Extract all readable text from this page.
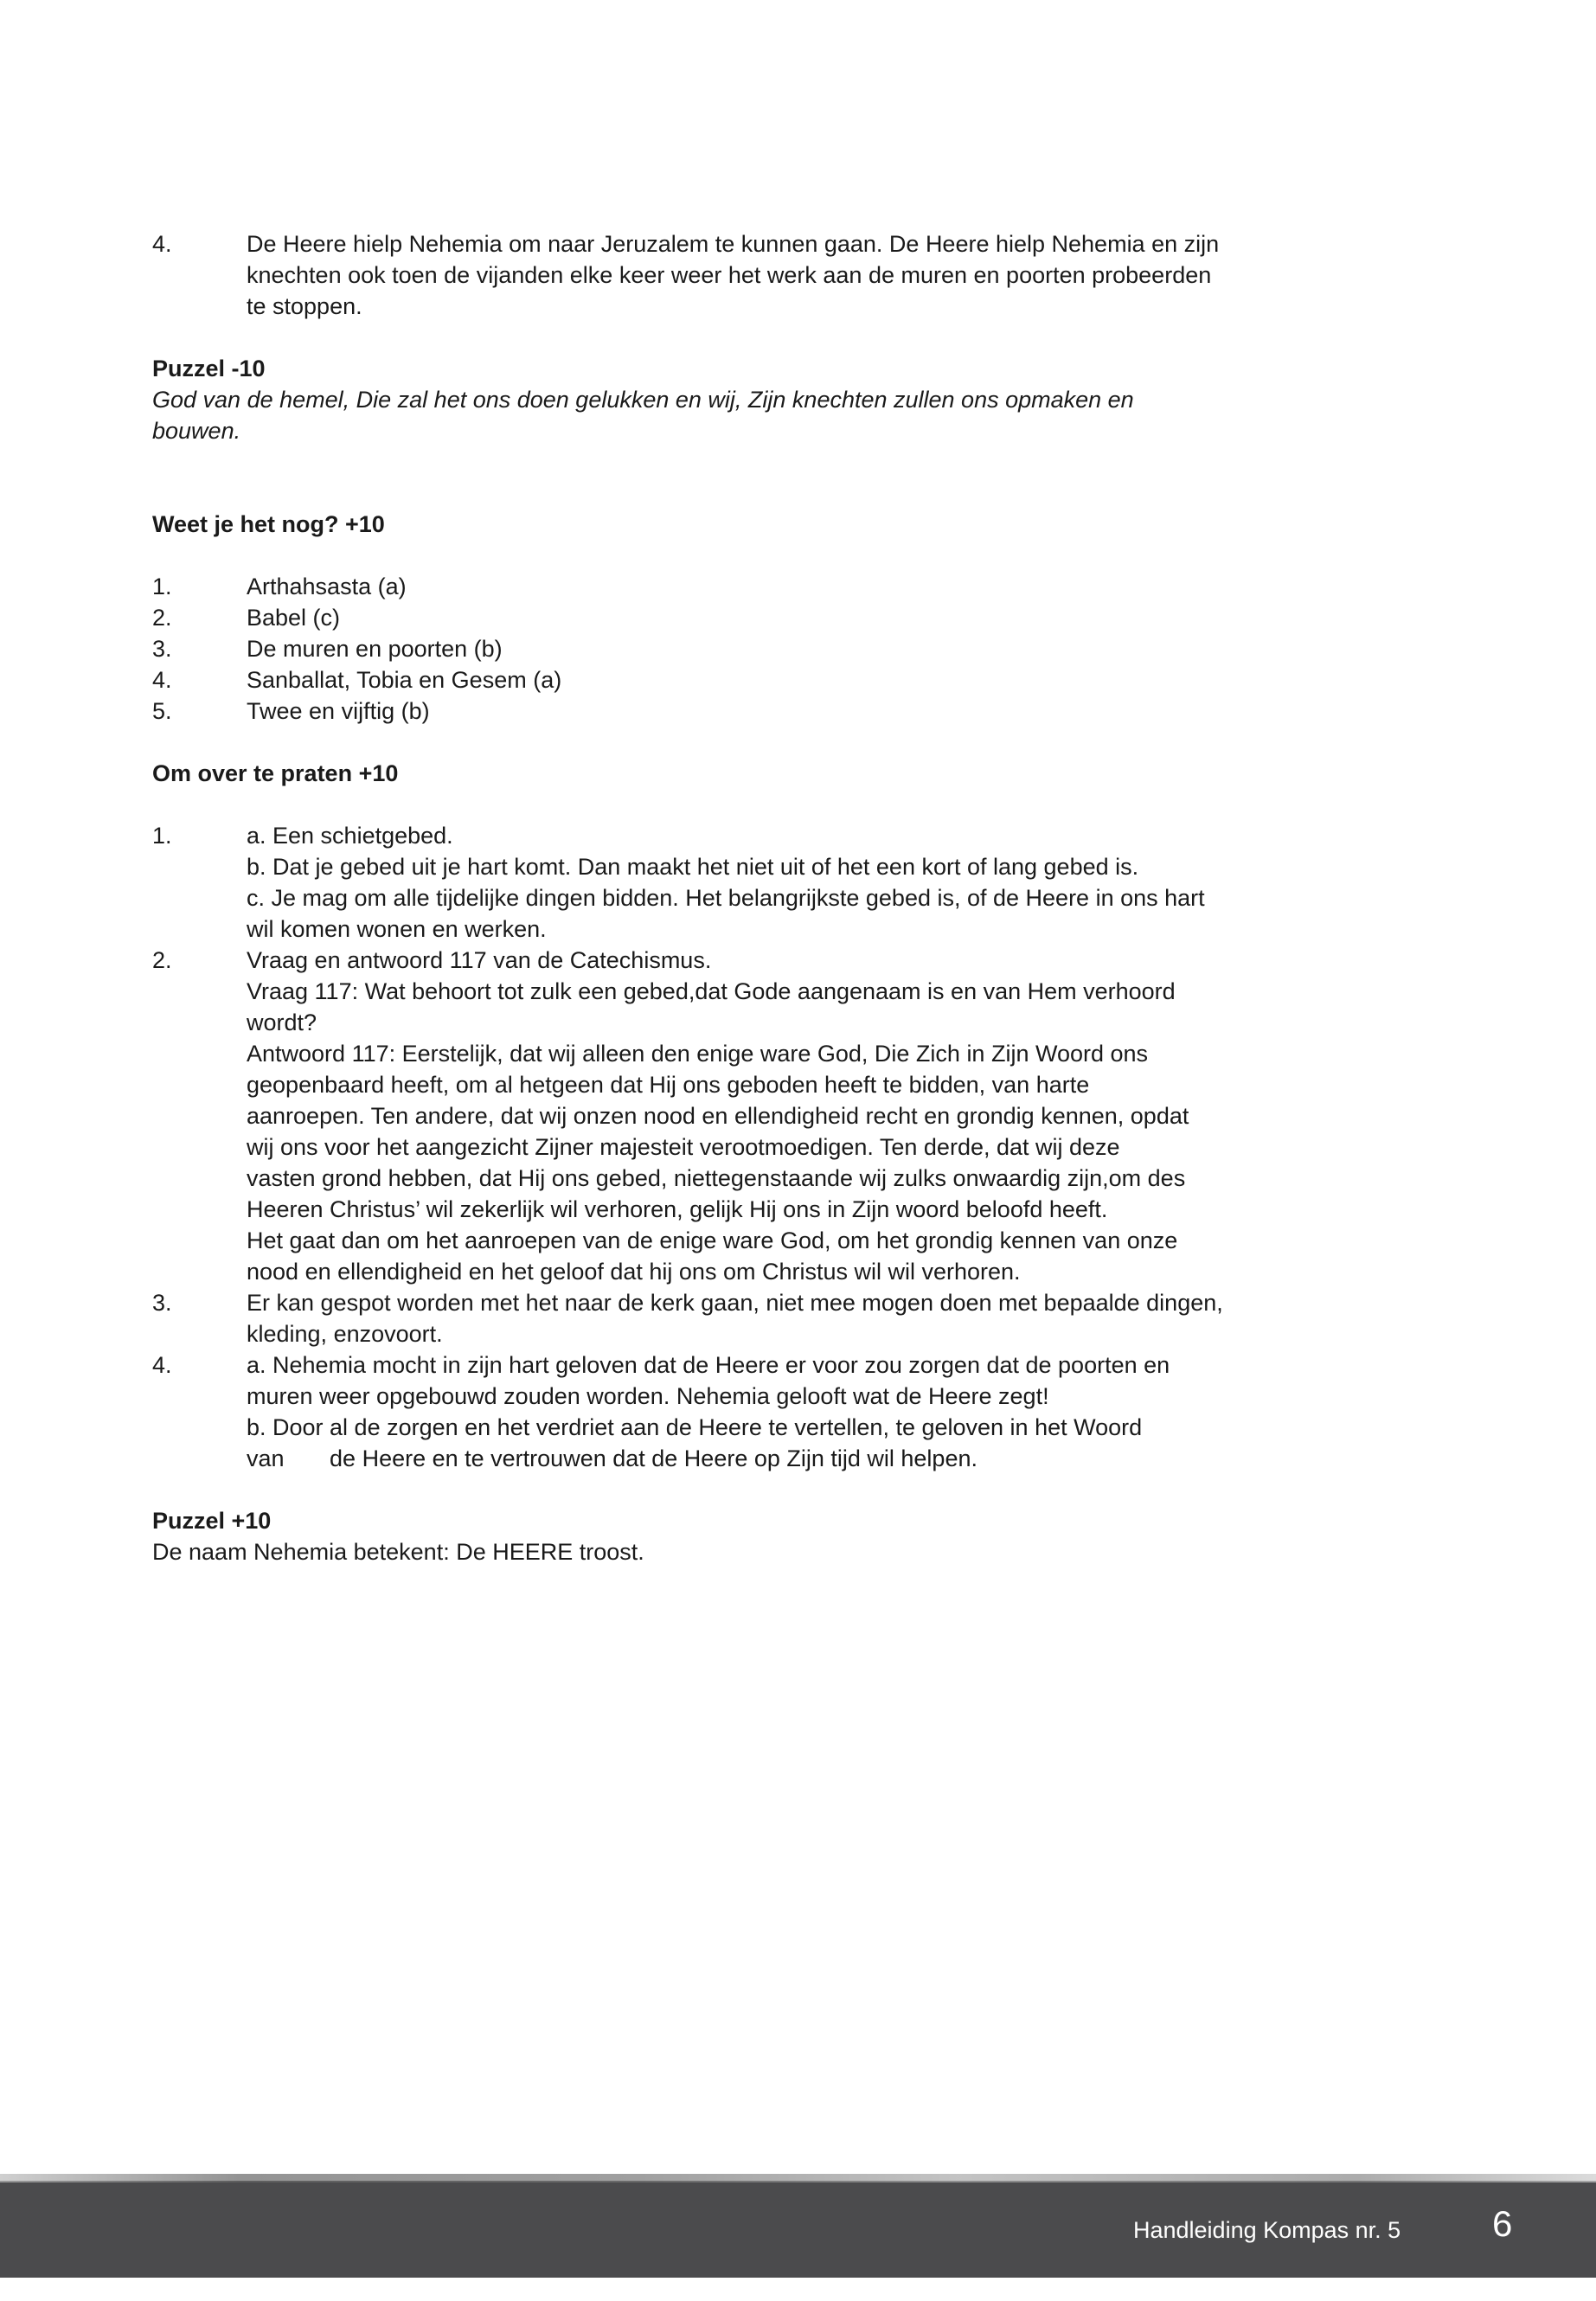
4.	De Heere hielp Nehemia om naar Jeruzalem te kunnen gaan. De Heere hielp Nehemia en zijn
knechten ook toen de vijanden elke keer weer het werk aan de muren en poorten probeerden
te stoppen.
Puzzel -10
God van de hemel, Die zal het ons doen gelukken en wij, Zijn knechten zullen ons opmaken en
bouwen.
Weet je het nog? +10
1.	Arthahsasta (a)
2.	Babel (c)
3.	De muren en poorten (b)
4.	Sanballat, Tobia en Gesem (a)
5.	Twee en vijftig (b)
Om over te praten +10
1.	a. Een schietgebed.
b. Dat je gebed uit je hart komt. Dan maakt het niet uit of het een kort of lang gebed is.
c. Je mag om alle tijdelijke dingen bidden. Het belangrijkste gebed is, of de Heere in ons hart
wil komen wonen en werken.
2.	Vraag en antwoord 117 van de Catechismus.
Vraag 117: Wat behoort tot zulk een gebed,dat Gode aangenaam is en van Hem verhoord
wordt?
Antwoord 117: Eerstelijk, dat wij alleen den enige ware God, Die Zich in Zijn Woord ons
geopenbaard heeft, om al hetgeen dat Hij ons geboden heeft te bidden, van harte
aanroepen. Ten andere, dat wij onzen nood en ellendigheid recht en grondig kennen, opdat
wij ons voor het aangezicht Zijner majesteit verootmoedigen. Ten derde, dat wij deze
vasten grond hebben, dat Hij ons gebed, niettegenstaande wij zulks onwaardig zijn,om des
Heeren Christus’ wil zekerlijk wil verhoren, gelijk Hij ons in Zijn woord beloofd heeft.
Het gaat dan om het aanroepen van de enige ware God, om het grondig kennen van onze
nood en ellendigheid en het geloof dat hij ons om Christus wil wil verhoren.
3.	Er kan gespot worden met het naar de kerk gaan, niet mee mogen doen met bepaalde dingen,
kleding, enzovoort.
4.	a. Nehemia mocht in zijn hart geloven dat de Heere er voor zou zorgen dat de poorten en
muren weer opgebouwd zouden worden. Nehemia gelooft wat de Heere zegt!
b. Door al de zorgen en het verdriet aan de Heere te vertellen, te geloven in het Woord
van       de Heere en te vertrouwen dat de Heere op Zijn tijd wil helpen.
Puzzel +10
De naam Nehemia betekent: De HEERE troost.
Handleiding Kompas nr. 5	6
